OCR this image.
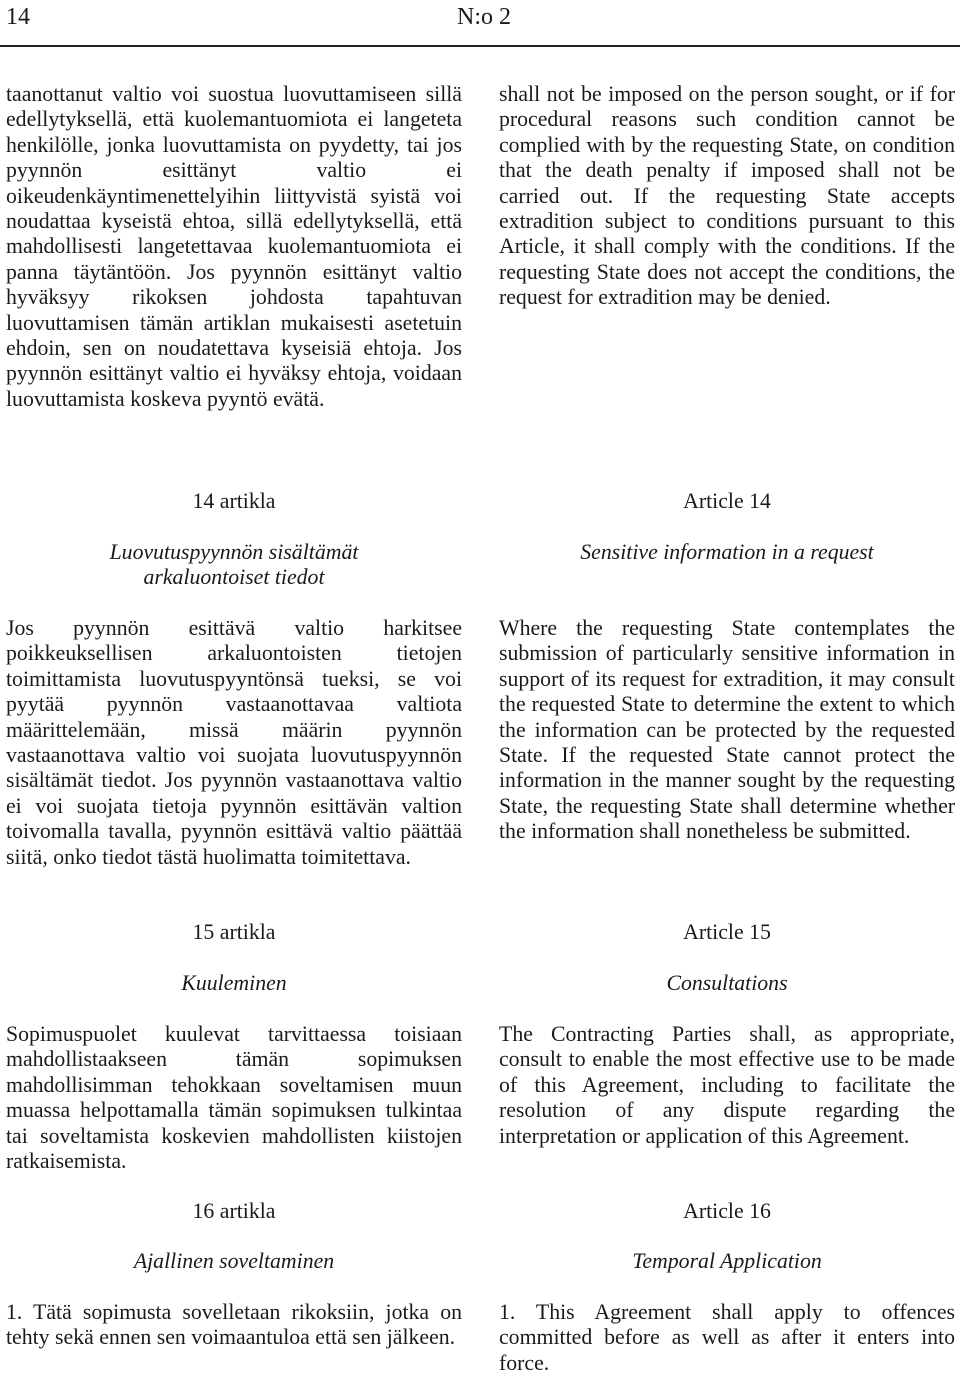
14	N:o 2

taanottanut valtio voi suostua luovuttamiseen sillä edellytyksellä, että kuolemantuomiota ei langeteta henkilölle, jonka luovuttamista on pyydetty, tai jos pyynnön esittänyt valtio ei oikeudenkäyntimenettelyihin liittyvistä syistä voi noudattaa kyseistä ehtoa, sillä edellytyksellä, että mahdollisesti langetettavaa kuolemantuomiota ei panna täytäntöön. Jos pyynnön esittänyt valtio hyväksyy rikoksen johdosta tapahtuvan luovuttamisen tämän artiklan mukaisesti asetetuin ehdoin, sen on noudatettava kyseisiä ehtoja. Jos pyynnön esittänyt valtio ei hyväksy ehtoja, voidaan luovuttamista koskeva pyyntö evätä.

14 artikla

Luovutuspyynnön sisältämät arkaluontoiset tiedot

Jos pyynnön esittävä valtio harkitsee poikkeuksellisen arkaluontoisten tietojen toimittamista luovutuspyyntönsä tueksi, se voi pyytää pyynnön vastaanottavaa valtiota määrittelemään, missä määrin pyynnön vastaanottava valtio voi suojata luovutuspyynnön sisältämät tiedot. Jos pyynnön vastaanottava valtio ei voi suojata tietoja pyynnön esittävän valtion toivomalla tavalla, pyynnön esittävä valtio päättää siitä, onko tiedot tästä huolimatta toimitettava.

15 artikla

Kuuleminen

Sopimuspuolet kuulevat tarvittaessa toisiaan mahdollistaakseen tämän sopimuksen mahdollisimman tehokkaan soveltamisen muun muassa helpottamalla tämän sopimuksen tulkintaa tai soveltamista koskevien mahdollisten kiistojen ratkaisemista.

16 artikla

Ajallinen soveltaminen

1. Tätä sopimusta sovelletaan rikoksiin, jotka on tehty sekä ennen sen voimaantuloa että sen jälkeen.

shall not be imposed on the person sought, or if for procedural reasons such condition cannot be complied with by the requesting State, on condition that the death penalty if imposed shall not be carried out. If the requesting State accepts extradition subject to conditions pursuant to this Article, it shall comply with the conditions. If the requesting State does not accept the conditions, the request for extradition may be denied.

Article 14

Sensitive information in a request

Where the requesting State contemplates the submission of particularly sensitive information in support of its request for extradition, it may consult the requested State to determine the extent to which the information can be protected by the requested State. If the requested State cannot protect the information in the manner sought by the requesting State, the requesting State shall determine whether the information shall nonetheless be submitted.

Article 15

Consultations

The Contracting Parties shall, as appropriate, consult to enable the most effective use to be made of this Agreement, including to facilitate the resolution of any dispute regarding the interpretation or application of this Agreement.

Article 16

Temporal Application

1. This Agreement shall apply to offences committed before as well as after it enters into force.
